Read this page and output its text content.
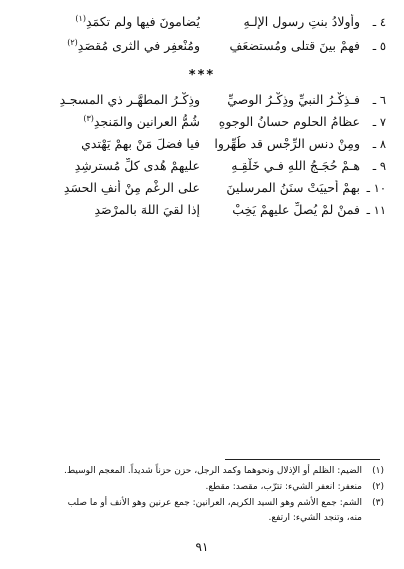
٤ ـ
وأولادُ بنتِ رسولِ الإلـهِ
يُضامونَ فيها ولم تكمَدِ$^{(١)}$
٥ ـ
فهمْ بينَ قتلى ومُستضعَفٍ
ومُنْعفِرٍ في الثرى مُقصَدِ$^{(٢)}$
***
٦ ـ
فـذِكْـرُ النبيِّ وذِكْـرُ الوصيِّ
وذِكْـرُ المطهَّـرِ ذي المسجـدِ
٧ ـ
عظامُ الحلومِ حسانُ الوجوهِ
شُمُّ العرانينِ والمَنجدِ$^{(٣)}$
٨ ـ
ومِنْ دنسِ الرِّجْسِ قد طُهِّروا
فيا فضلَ مَنْ بهِمْ يَهْتدي
٩ ـ
هـمْ حُجَـجُ اللهِ فـي خَلْقِـهِ
عليهمْ هُدى كلِّ مُسترشِدِ
١٠ ـ
بهمْ أُحييَتْ سنَنُ المرسلينَ
على الرغْمِ مِنْ أنفِ الحسَدِ
١١ ـ
فمنْ لمْ يُصلِّ عليهمْ يَخِبْ
إذا لقيَ اللهَ بالمرْصَدِ
(١)
الضيم: الظلم أو الإذلال ونحوهما وكمد الرجل، حزن حزناً شديداً. المعجم الوسيط.
(٢)
منعفر: انعفر الشيء: تترّب، مقصد: مقطع.
(٣)
الشم: جمع الأشم وهو السيد الكريم، العرانين: جمع عرنين وهو الأنف أو ما صلب
منه، وتنجد الشيء: ارتفع.
٩١
